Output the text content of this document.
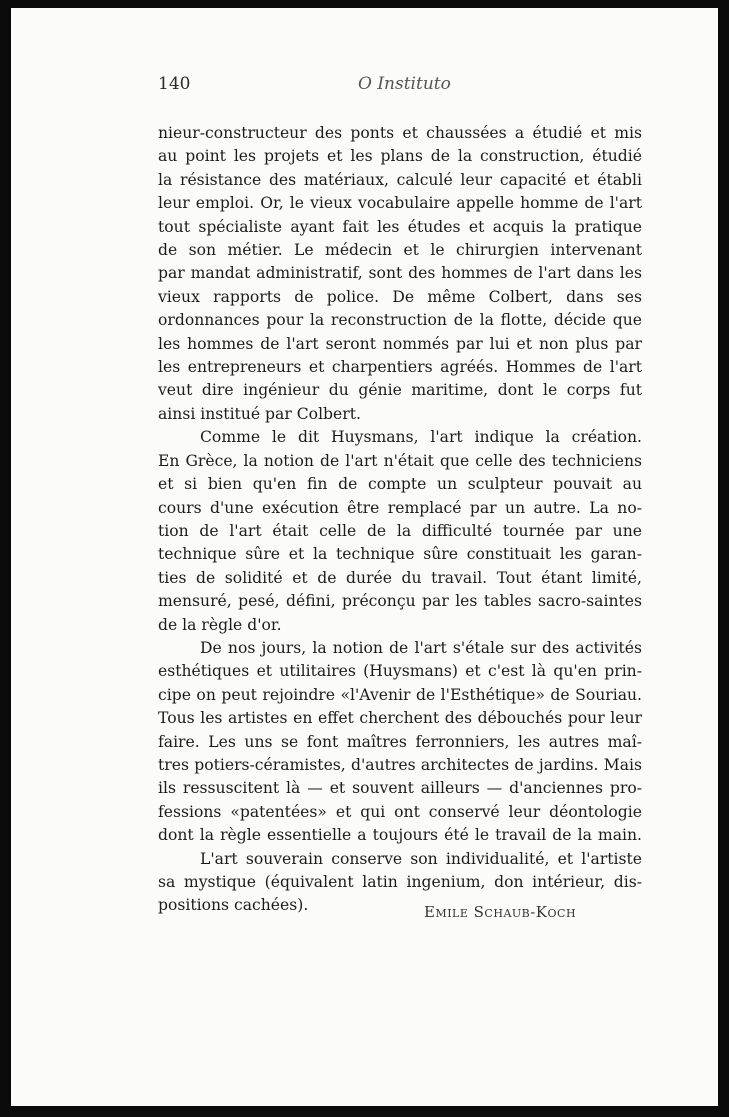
140	O Instituto
nieur-constructeur des ponts et chaussées a étudié et mis
au point les projets et les plans de la construction, étudié
la résistance des matériaux, calculé leur capacité et établi
leur emploi. Or, le vieux vocabulaire appelle homme de l'art
tout spécialiste ayant fait les études et acquis la pratique
de son métier. Le médecin et le chirurgien intervenant
par mandat administratif, sont des hommes de l'art dans les
vieux rapports de police. De même Colbert, dans ses
ordonnances pour la reconstruction de la flotte, décide que
les hommes de l'art seront nommés par lui et non plus par
les entrepreneurs et charpentiers agréés. Hommes de l'art
veut dire ingénieur du génie maritime, dont le corps fut
ainsi institué par Colbert.
Comme le dit Huysmans, l'art indique la création.
En Grèce, la notion de l'art n'était que celle des techniciens
et si bien qu'en fin de compte un sculpteur pouvait au
cours d'une exécution être remplacé par un autre. La no-
tion de l'art était celle de la difficulté tournée par une
technique sûre et la technique sûre constituait les garan-
ties de solidité et de durée du travail. Tout étant limité,
mensuré, pesé, défini, préconçu par les tables sacro-saintes
de la règle d'or.
De nos jours, la notion de l'art s'étale sur des activités
esthétiques et utilitaires (Huysmans) et c'est là qu'en prin-
cipe on peut rejoindre «l'Avenir de l'Esthétique» de Souriau.
Tous les artistes en effet cherchent des débouchés pour leur
faire. Les uns se font maîtres ferronniers, les autres maî-
tres potiers-céramistes, d'autres architectes de jardins. Mais
ils ressuscitent là — et souvent ailleurs — d'anciennes pro-
fessions «patentées» et qui ont conservé leur déontologie
dont la règle essentielle a toujours été le travail de la main.
L'art souverain conserve son individualité, et l'artiste
sa mystique (équivalent latin ingenium, don intérieur, dis-
positions cachées).	Emile Schaub-Koch
